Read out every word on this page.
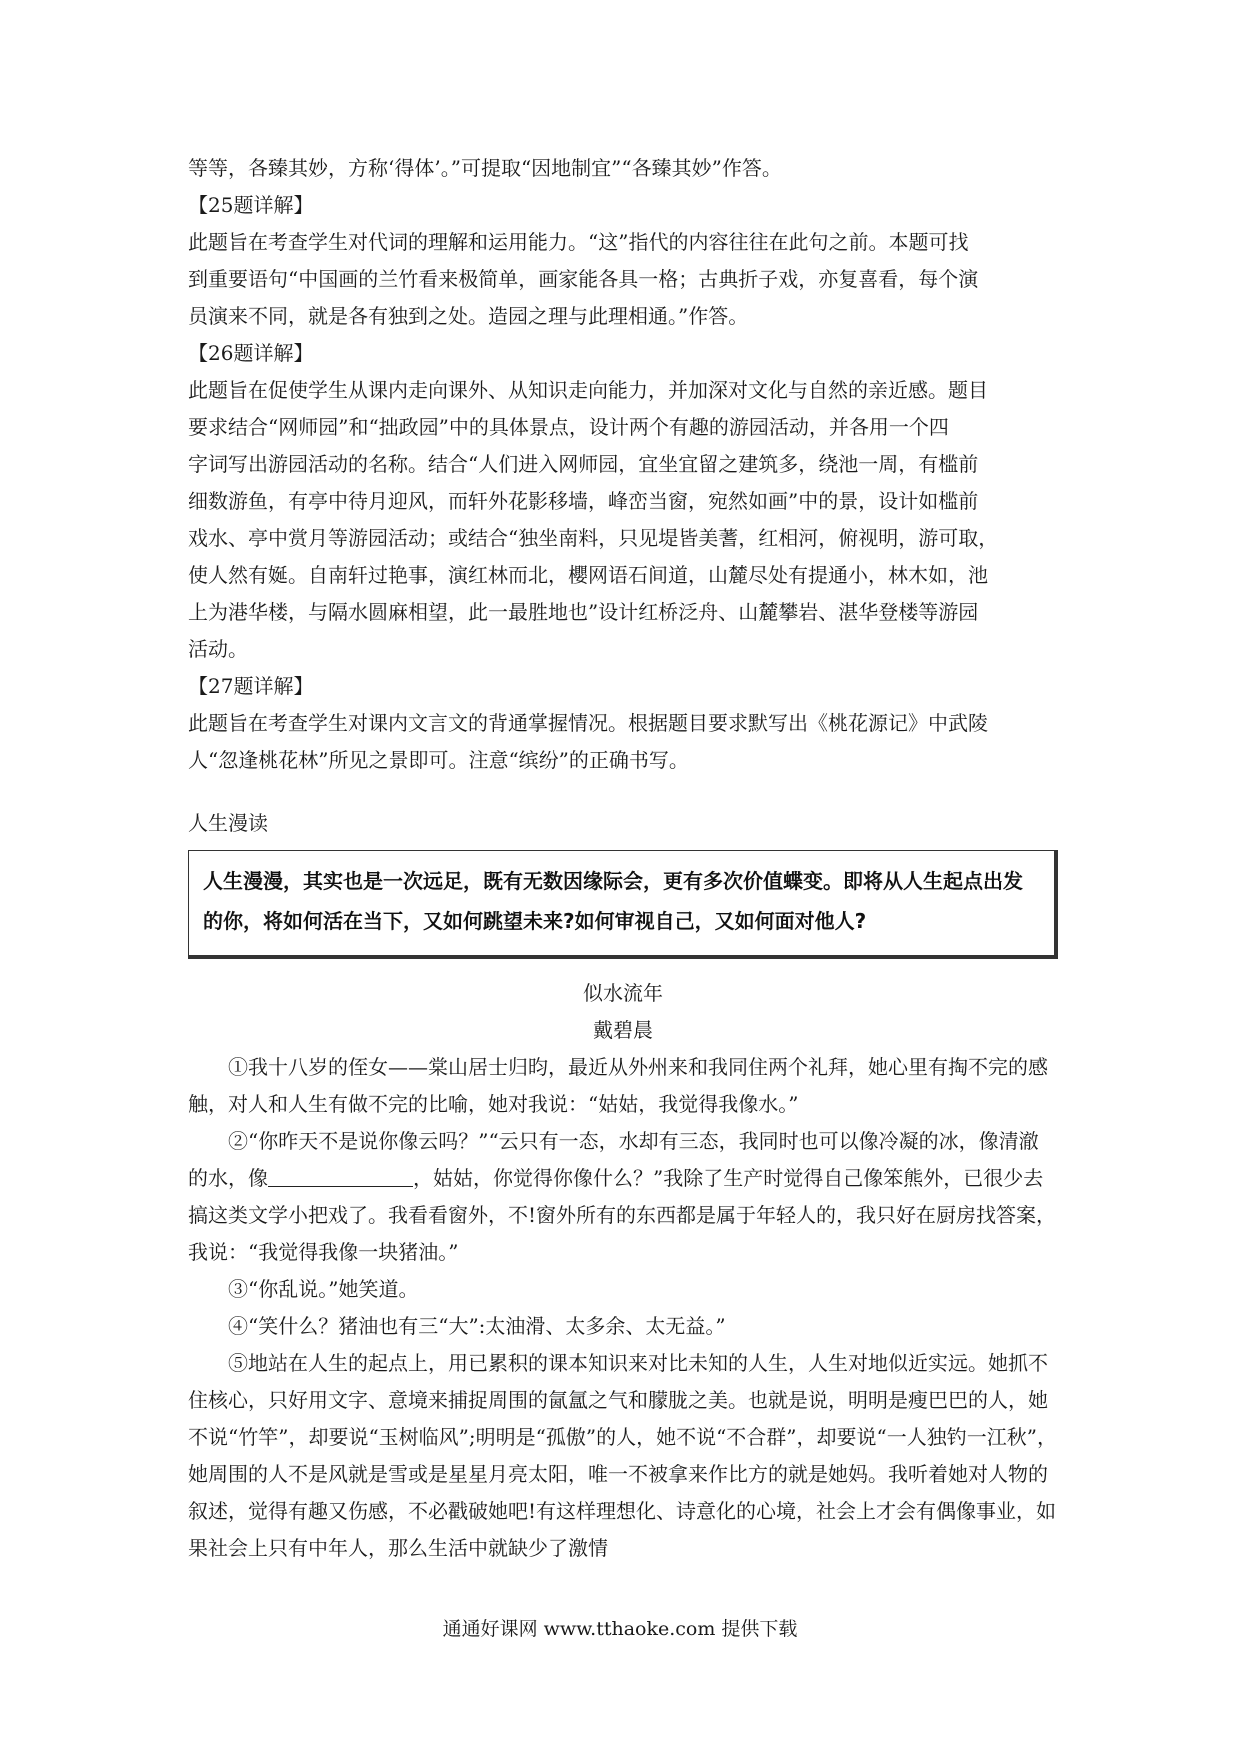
等等，各臻其妙，方称‘得体’。”可提取“因地制宜”“各臻其妙”作答。
【25题详解】
此题旨在考查学生对代词的理解和运用能力。“这”指代的内容往往在此句之前。本题可找
到重要语句“中国画的兰竹看来极简单，画家能各具一格；古典折子戏，亦复喜看，每个演
员演来不同，就是各有独到之处。造园之理与此理相通。”作答。
【26题详解】
此题旨在促使学生从课内走向课外、从知识走向能力，并加深对文化与自然的亲近感。题目
要求结合“网师园”和“拙政园”中的具体景点，设计两个有趣的游园活动，并各用一个四
字词写出游园活动的名称。结合“人们进入网师园，宜坐宜留之建筑多，绕池一周，有槛前
细数游鱼，有亭中待月迎风，而轩外花影移墙，峰峦当窗，宛然如画”中的景，设计如槛前
戏水、亭中赏月等游园活动；或结合“独坐南料，只见堤皆美蓍，红相河，俯视明，游可取，
使人然有娫。自南轩过艳事，演红林而北，櫻网语石间道，山麓尽处有提通小，林木如，池
上为港华楼，与隔水圆麻相望，此一最胜地也”设计红桥泛舟、山麓攀岩、湛华登楼等游园
活动。
【27题详解】
此题旨在考查学生对课内文言文的背通掌握情况。根据题目要求默写出《桃花源记》中武陵
人“忽逢桃花林”所见之景即可。注意“缤纷”的正确书写。
人生漫读
人生漫漫，其实也是一次远足，既有无数因缘际会，更有多次价值蝶变。即将从人生起点出发的你，将如何活在当下，又如何跳望未来?如何审视自己，又如何面对他人?
似水流年
戴碧晨
①我十八岁的侄女——棠山居士归昀，最近从外州来和我同住两个礼拜，她心里有掏不完的感触，对人和人生有做不完的比喻，她对我说：“姑姑，我觉得我像水。”
②“你昨天不是说你像云吗？”“云只有一态，水却有三态，我同时也可以像冷凝的冰，像清澈的水，像	，姑姑，你觉得你像什么？”我除了生产时觉得自己像笨熊外，已很少去搞这类文学小把戏了。我看看窗外，不!窗外所有的东西都是属于年轻人的，我只好在厨房找答案，我说：“我觉得我像一块猪油。”
③“你乱说。”她笑道。
④“笑什么？猪油也有三“大”:太油滑、太多余、太无益。”
⑤地站在人生的起点上，用已累积的课本知识来对比未知的人生，人生对地似近实远。她抓不住核心，只好用文字、意境来捕捉周围的氤氲之气和朦胧之美。也就是说，明明是瘦巴巴的人，她不说“竹竿”，却要说“玉树临风”;明明是“孤傲”的人，她不说“不合群”，却要说“一人独钓一江秋”，她周围的人不是风就是雪或是星星月亮太阳，唯一不被拿来作比方的就是她妈。我听着她对人物的叙述，觉得有趣又伤感，不必戳破她吧!有这样理想化、诗意化的心境，社会上才会有偶像事业，如果社会上只有中年人，那么生活中就缺少了激情
通通好课网 www.tthaoke.com 提供下载
